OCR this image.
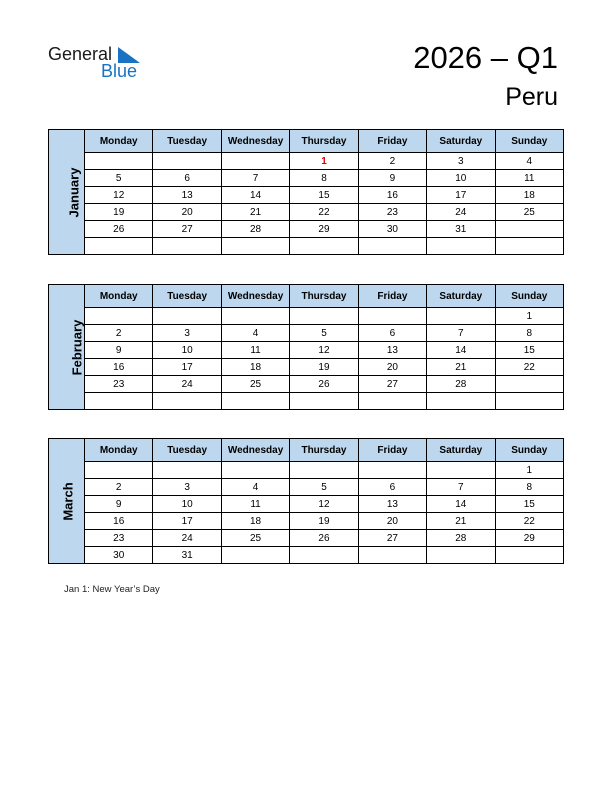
General
Blue	2026 – Q1
Peru
January	Monday	Tuesday	Wednesday	Thursday	Friday	Saturday	Sunday
				1	2	3	4
	5	6	7	8	9	10	11
	12	13	14	15	16	17	18
	19	20	21	22	23	24	25
	26	27	28	29	30	31	

February	Monday	Tuesday	Wednesday	Thursday	Friday	Saturday	Sunday
							1
	2	3	4	5	6	7	8
	9	10	11	12	13	14	15
	16	17	18	19	20	21	22
	23	24	25	26	27	28	

March	Monday	Tuesday	Wednesday	Thursday	Friday	Saturday	Sunday
							1
	2	3	4	5	6	7	8
	9	10	11	12	13	14	15
	16	17	18	19	20	21	22
	23	24	25	26	27	28	29
	30	31					
Jan 1: New Year’s Day
